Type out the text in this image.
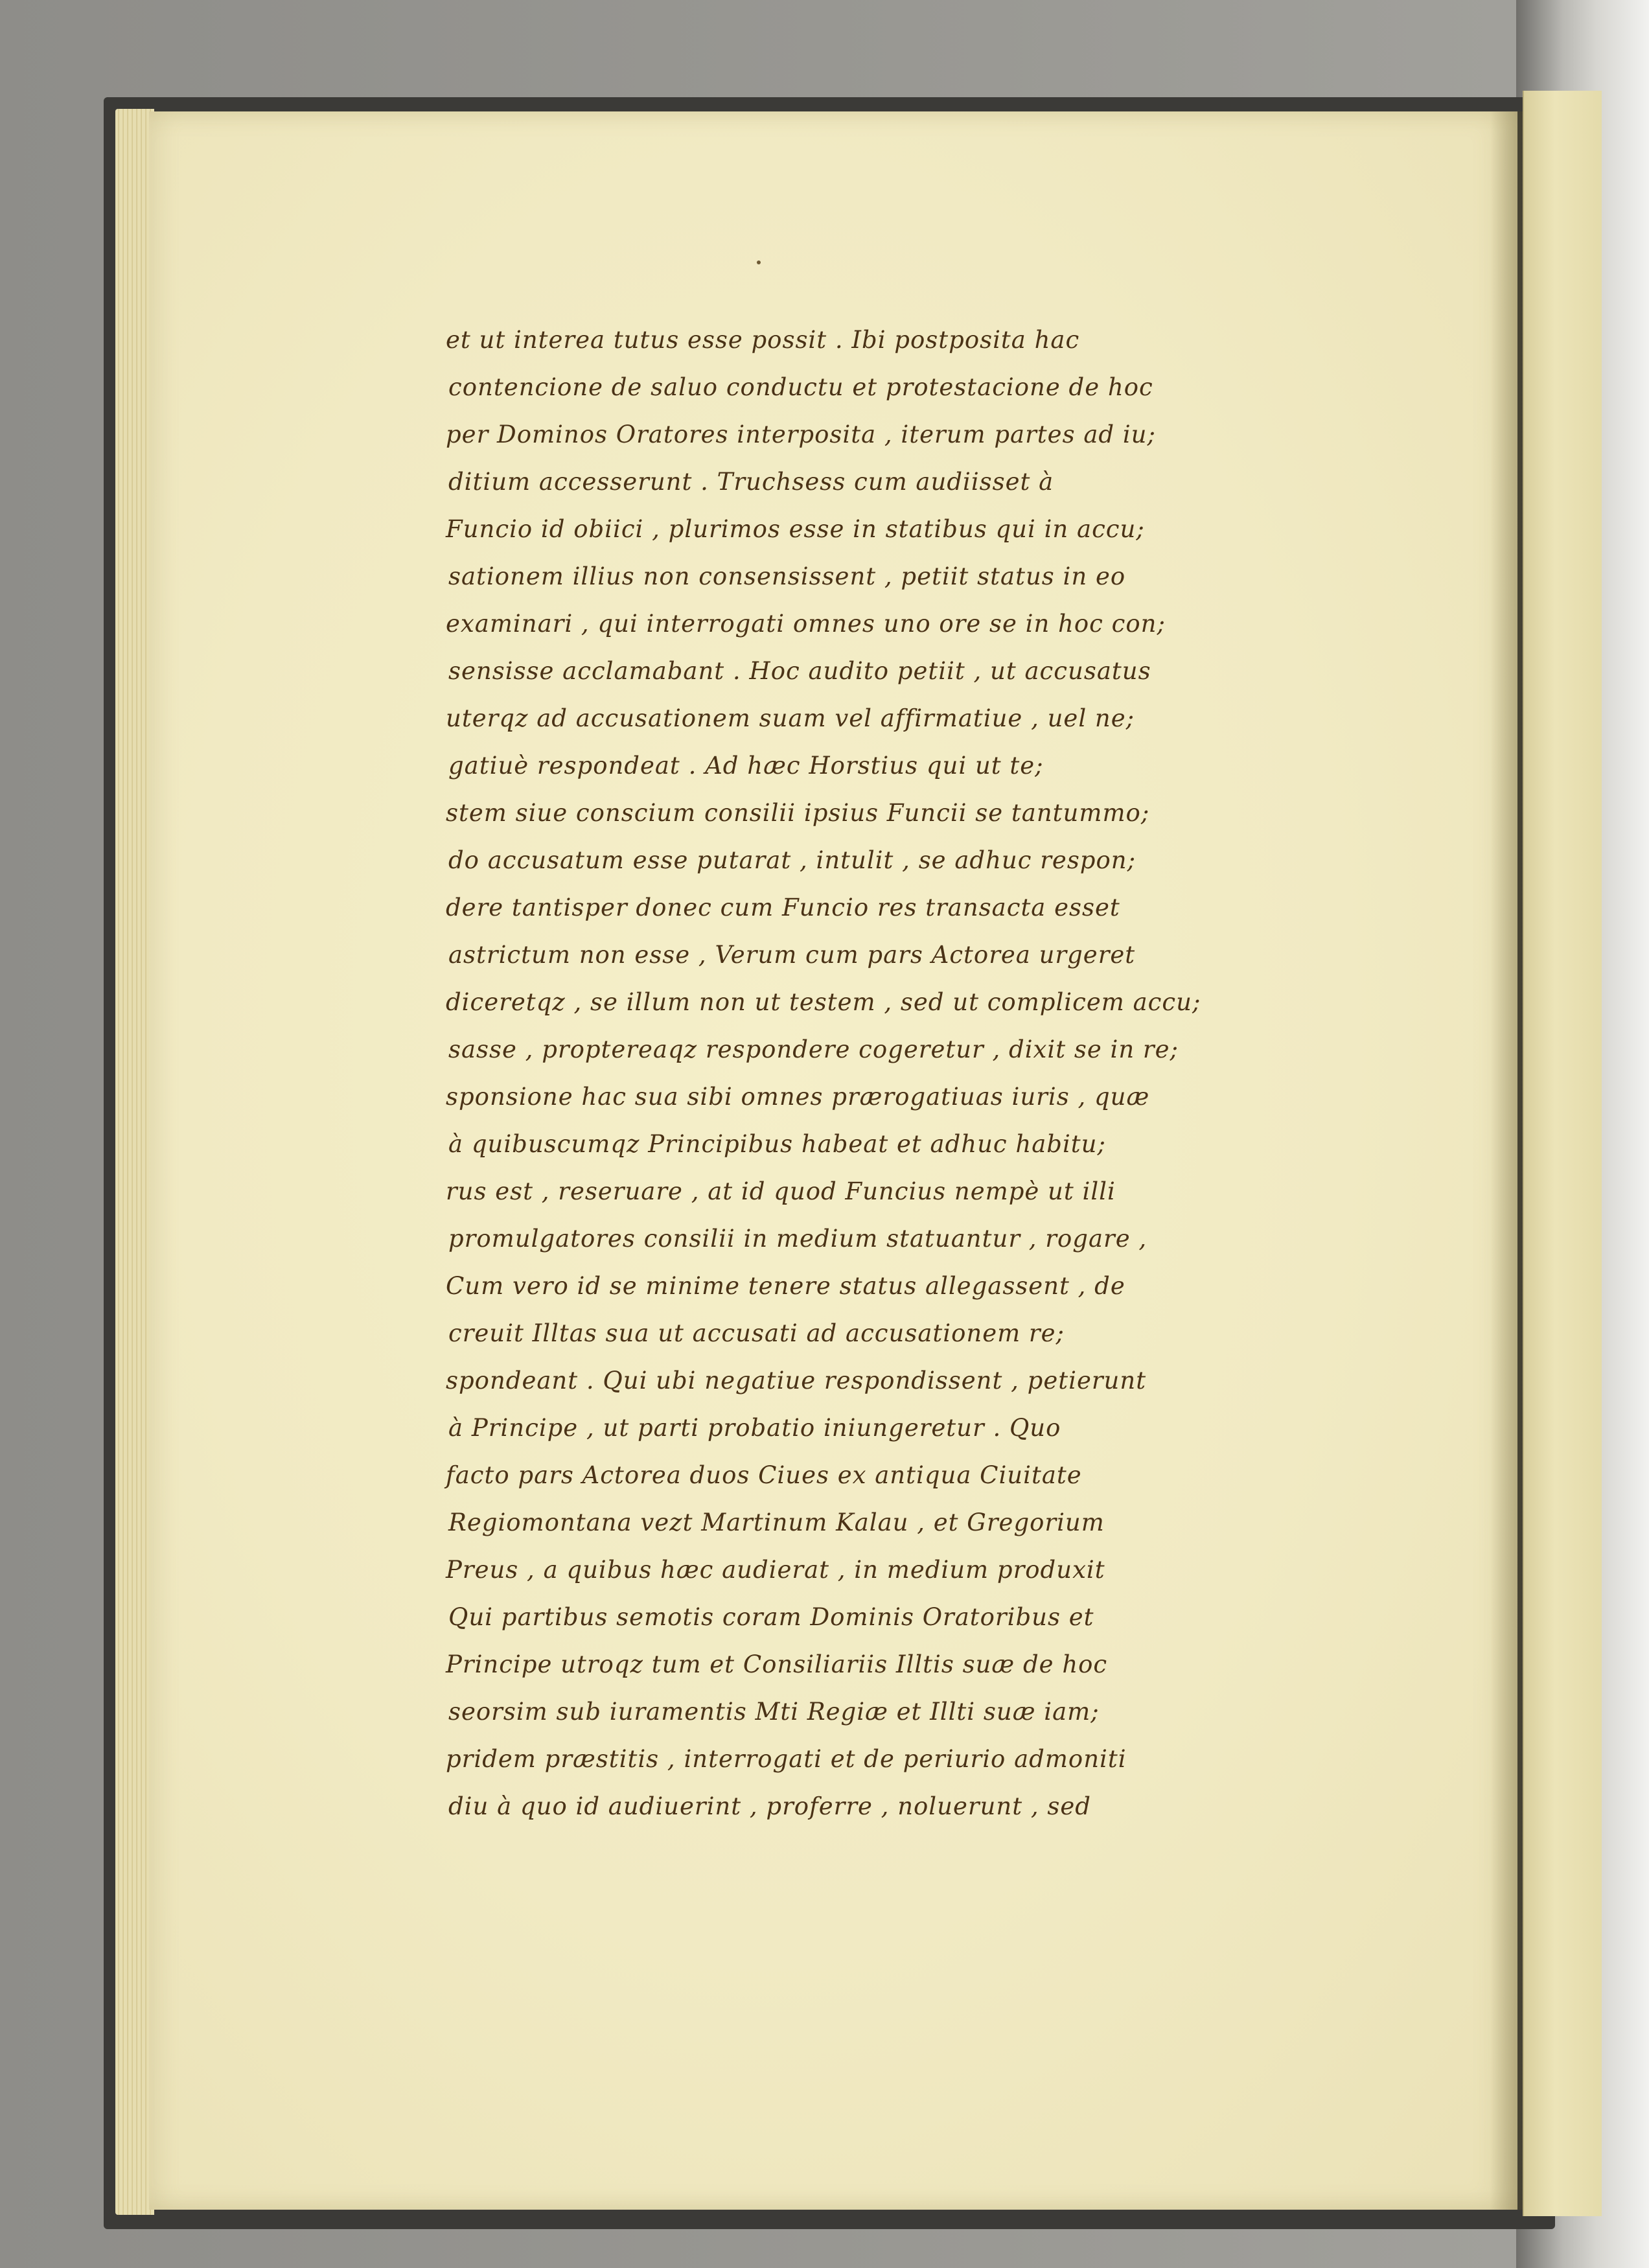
et ut interea tutus esse possit . Ibi postposita hac
contencione de saluo conductu et protestacione de hoc
per Dominos Oratores interposita , iterum partes ad iu;
ditium accesserunt . Truchsess cum audiisset à
Funcio id obiici , plurimos esse in statibus qui in accu;
sationem illius non consensissent , petiit status in eo
examinari , qui interrogati omnes uno ore se in hoc con;
sensisse acclamabant . Hoc audito petiit , ut accusatus
uterqz ad accusationem suam vel affirmatiue , uel ne;
gatiuè respondeat . Ad hæc Horstius qui ut te;
stem siue conscium consilii ipsius Funcii se tantummo;
do accusatum esse putarat , intulit , se adhuc respon;
dere tantisper donec cum Funcio res transacta esset
astrictum non esse , Verum cum pars Actorea urgeret
diceretqz , se illum non ut testem , sed ut complicem accu;
sasse , proptereaqz respondere cogeretur , dixit se in re;
sponsione hac sua sibi omnes prærogatiuas iuris , quæ
à quibuscumqz Principibus habeat et adhuc habitu;
rus est , reseruare , at id quod Funcius nempè ut illi
promulgatores consilii in medium statuantur , rogare ,
Cum vero id se minime tenere status allegassent , de
creuit Illtas sua ut accusati ad accusationem re;
spondeant . Qui ubi negatiue respondissent , petierunt
à Principe , ut parti probatio iniungeretur . Quo
facto pars Actorea duos Ciues ex antiqua Ciuitate
Regiomontana vezt Martinum Kalau , et Gregorium
Preus , a quibus hæc audierat , in medium produxit
Qui partibus semotis coram Dominis Oratoribus et
Principe utroqz tum et Consiliariis Illtis suæ de hoc
seorsim sub iuramentis Mti Regiæ et Illti suæ iam;
pridem præstitis , interrogati et de periurio admoniti
diu à quo id audiuerint , proferre , noluerunt , sed
